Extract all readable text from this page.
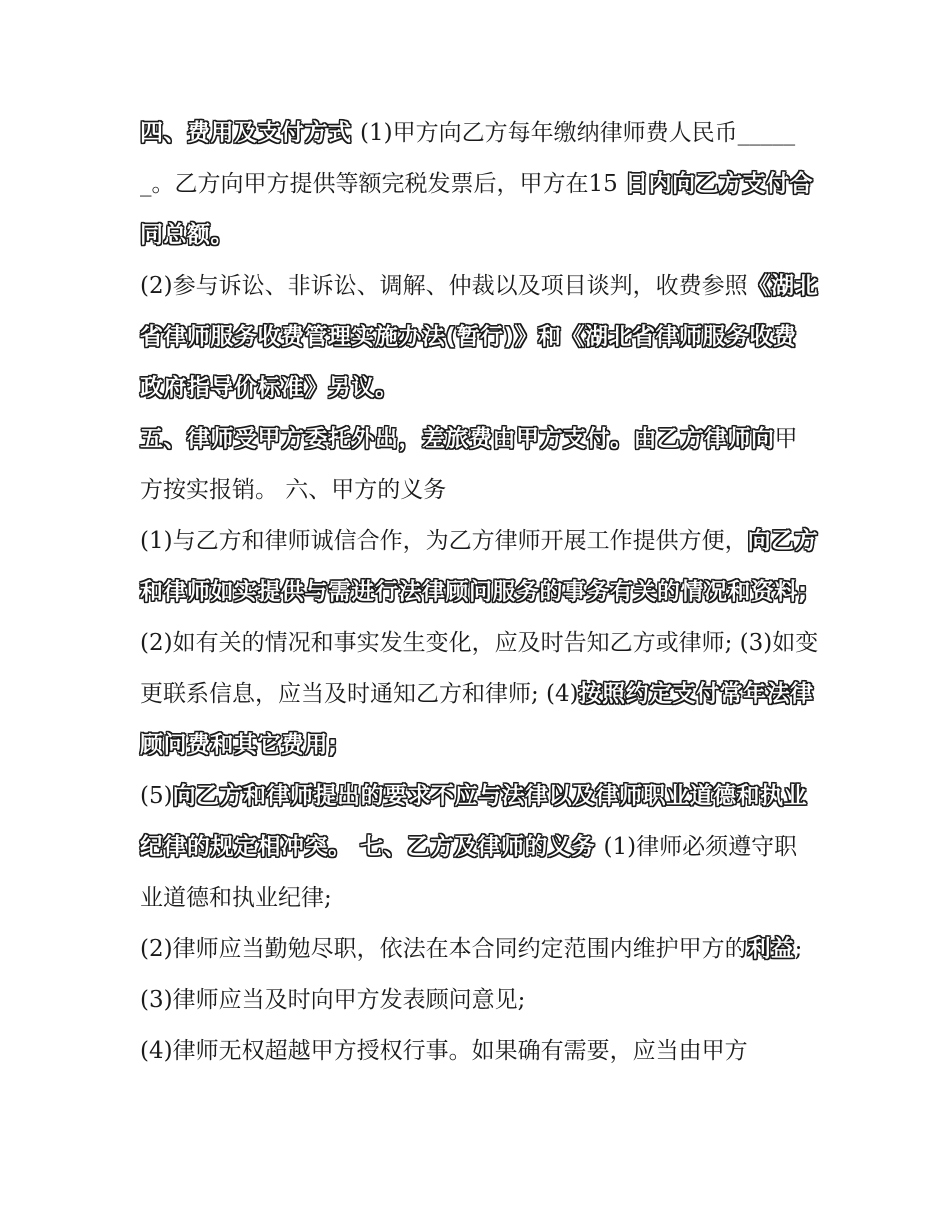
四、费用及支付方式 (1)甲方向乙方每年缴纳律师费人民币______。乙方向甲方提供等额完税发票后，甲方在15 日内向乙方支付合同总额。

(2)参与诉讼、非诉讼、调解、仲裁以及项目谈判，收费参照《湖北省律师服务收费管理实施办法(暂行)》和《湖北省律师服务收费政府指导价标准》另议。

五、律师受甲方委托外出，差旅费由甲方支付。由乙方律师向甲方按实报销。 六、甲方的义务

(1)与乙方和律师诚信合作，为乙方律师开展工作提供方便，向乙方和律师如实提供与需进行法律顾问服务的事务有关的情况和资料;

(2)如有关的情况和事实发生变化，应及时告知乙方或律师; (3)如变更联系信息，应当及时通知乙方和律师; (4)按照约定支付常年法律顾问费和其它费用;

(5)向乙方和律师提出的要求不应与法律以及律师职业道德和执业纪律的规定相冲突。 七、乙方及律师的义务 (1)律师必须遵守职业道德和执业纪律;

(2)律师应当勤勉尽职，依法在本合同约定范围内维护甲方的利益; (3)律师应当及时向甲方发表顾问意见;

(4)律师无权超越甲方授权行事。如果确有需要，应当由甲方
